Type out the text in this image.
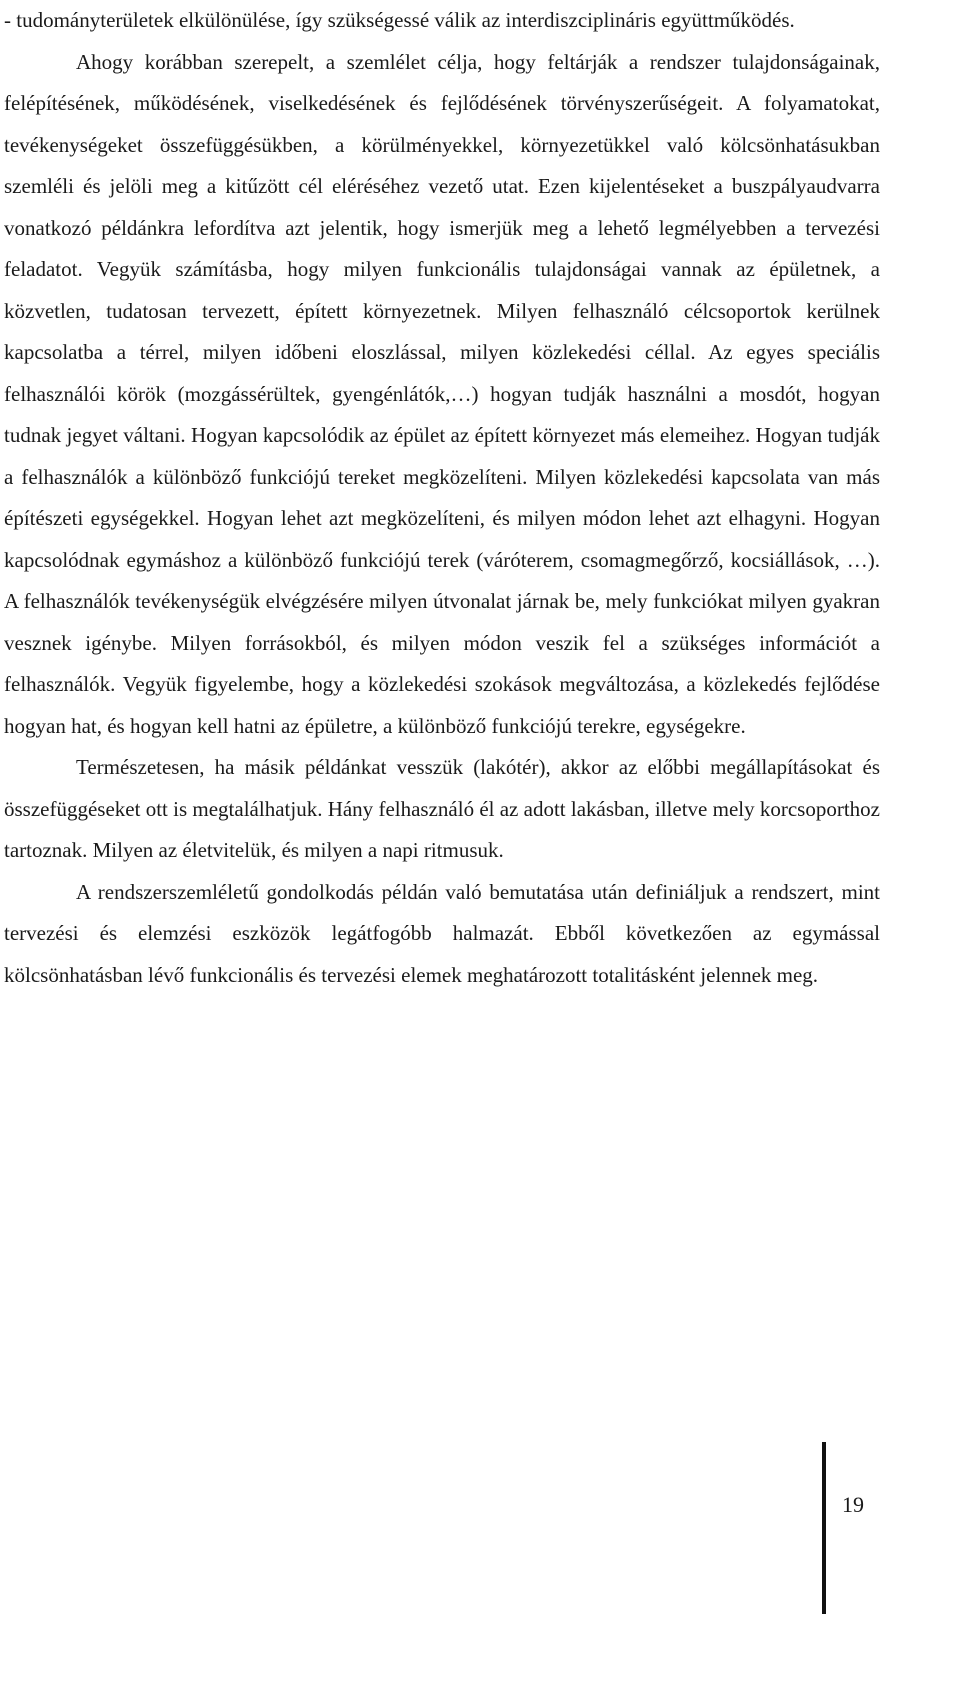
- tudományterületek elkülönülése, így szükségessé válik az interdiszciplináris együttműködés.

Ahogy korábban szerepelt, a szemlélet célja, hogy feltárják a rendszer tulajdonságainak, felépítésének, működésének, viselkedésének és fejlődésének törvényszerűségeit. A folyamatokat, tevékenységeket összefüggésükben, a körülményekkel, környezetükkel való kölcsönhatásukban szemléli és jelöli meg a kitűzött cél eléréséhez vezető utat. Ezen kijelentéseket a buszpályaudvarra vonatkozó példánkra lefordítva azt jelentik, hogy ismerjük meg a lehető legmélyebben a tervezési feladatot. Vegyük számításba, hogy milyen funkcionális tulajdonságai vannak az épületnek, a közvetlen, tudatosan tervezett, épített környezetnek. Milyen felhasználó célcsoportok kerülnek kapcsolatba a térrel, milyen időbeni eloszlással, milyen közlekedési céllal. Az egyes speciális felhasználói körök (mozgássérültek, gyengénlátók,…) hogyan tudják használni a mosdót, hogyan tudnak jegyet váltani. Hogyan kapcsolódik az épület az épített környezet más elemeihez. Hogyan tudják a felhasználók a különböző funkciójú tereket megközelíteni. Milyen közlekedési kapcsolata van más építészeti egységekkel. Hogyan lehet azt megközelíteni, és milyen módon lehet azt elhagyni. Hogyan kapcsolódnak egymáshoz a különböző funkciójú terek (váróterem, csomagmegőrző, kocsiállások, …). A felhasználók tevékenységük elvégzésére milyen útvonalat járnak be, mely funkciókat milyen gyakran vesznek igénybe. Milyen forrásokból, és milyen módon veszik fel a szükséges információt a felhasználók. Vegyük figyelembe, hogy a közlekedési szokások megváltozása, a közlekedés fejlődése hogyan hat, és hogyan kell hatni az épületre, a különböző funkciójú terekre, egységekre.

Természetesen, ha másik példánkat vesszük (lakótér), akkor az előbbi megállapításokat és összefüggéseket ott is megtalálhatjuk. Hány felhasználó él az adott lakásban, illetve mely korcsoporthoz tartoznak. Milyen az életvitelük, és milyen a napi ritmusuk.

A rendszerszemléletű gondolkodás példán való bemutatása után definiáljuk a rendszert, mint tervezési és elemzési eszközök legátfogóbb halmazát. Ebből következően az egymással kölcsönhatásban lévő funkcionális és tervezési elemek meghatározott totalitásként jelennek meg.

19
